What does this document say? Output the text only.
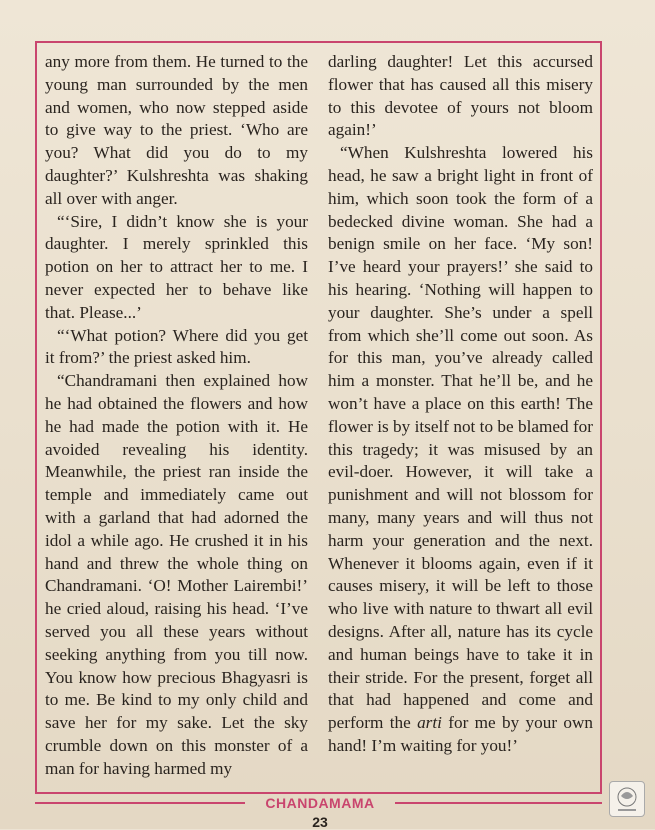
any more from them. He turned to the young man surrounded by the men and women, who now stepped aside to give way to the priest. ‘Who are you? What did you do to my daughter?’ Kulshreshta was shaking all over with anger.

“‘Sire, I didn’t know she is your daughter. I merely sprinkled this potion on her to attract her to me. I never expected her to behave like that. Please...’

“‘What potion? Where did you get it from?’ the priest asked him.

“Chandramani then explained how he had obtained the flowers and how he had made the potion with it. He avoided revealing his identity. Meanwhile, the priest ran inside the temple and immediately came out with a garland that had adorned the idol a while ago. He crushed it in his hand and threw the whole thing on Chandramani. ‘O! Mother Lairembi!’ he cried aloud, raising his head. ‘I’ve served you all these years without seeking anything from you till now. You know how precious Bhagyasri is to me. Be kind to my only child and save her for my sake. Let the sky crumble down on this monster of a man for having harmed my

darling daughter! Let this accursed flower that has caused all this misery to this devotee of yours not bloom again!’

“When Kulshreshta lowered his head, he saw a bright light in front of him, which soon took the form of a bedecked divine woman. She had a benign smile on her face. ‘My son! I’ve heard your prayers!’ she said to his hearing. ‘Nothing will happen to your daughter. She’s under a spell from which she’ll come out soon. As for this man, you’ve already called him a monster. That he’ll be, and he won’t have a place on this earth! The flower is by itself not to be blamed for this tragedy; it was misused by an evil-doer. However, it will take a punishment and will not blossom for many, many years and will thus not harm your generation and the next. Whenever it blooms again, even if it causes misery, it will be left to those who live with nature to thwart all evil designs. After all, nature has its cycle and human beings have to take it in their stride. For the present, forget all that had happened and come and perform the arti for me by your own hand! I’m waiting for you!’

CHANDAMAMA
23
